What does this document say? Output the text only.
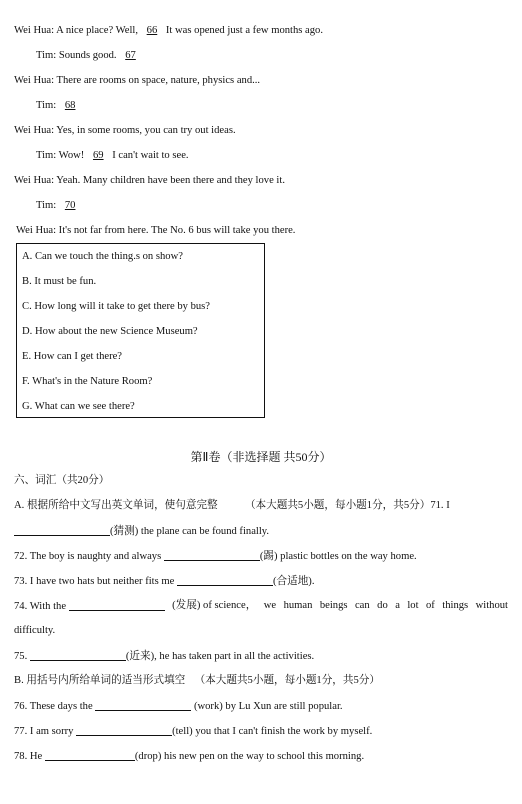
Wei Hua: A nice place? Well, 66 It was opened just a few months ago.
Tim: Sounds good. 67
Wei Hua: There are rooms on space, nature, physics and...
Tim: 68
Wei Hua: Yes, in some rooms, you can try out ideas.
Tim: Wow! 69 I can't wait to see.
Wei Hua: Yeah. Many children have been there and they love it.
Tim: 70
Wei Hua: It's not far from here. The No. 6 bus will take you there.
A. Can we touch the thing.s on show?
B. It must be fun.
C. How long will it take to get there by bus?
D. How about the new Science Museum?
E. How can I get there?
F. What's in the Nature Room?
G. What can we see there?
第Ⅱ卷（非选择题 共50分）
六、词汇（共20分）
A. 根据所给中文写出英文单词，使句意完整	（本大题共5小题，每小题1分，共5分）71. I
(猜测) the plane can be found finally.
72. The boy is naughty and always	(踢) plastic bottles on the way home.
73. I have two hats but neither fits me	(合适地).
74. With the	(发展) of science， we human beings can do a lot of things without
difficulty.
75.	(近来), he has taken part in all the activities.
B. 用括号内所给单词的适当形式填空 （本大题共5小题，每小题1分，共5分）
76. These days the	(work) by Lu Xun are still popular.
77. I am sorry	(tell) you that I can't finish the work by myself.
78. He	(drop) his new pen on the way to school this morning.
